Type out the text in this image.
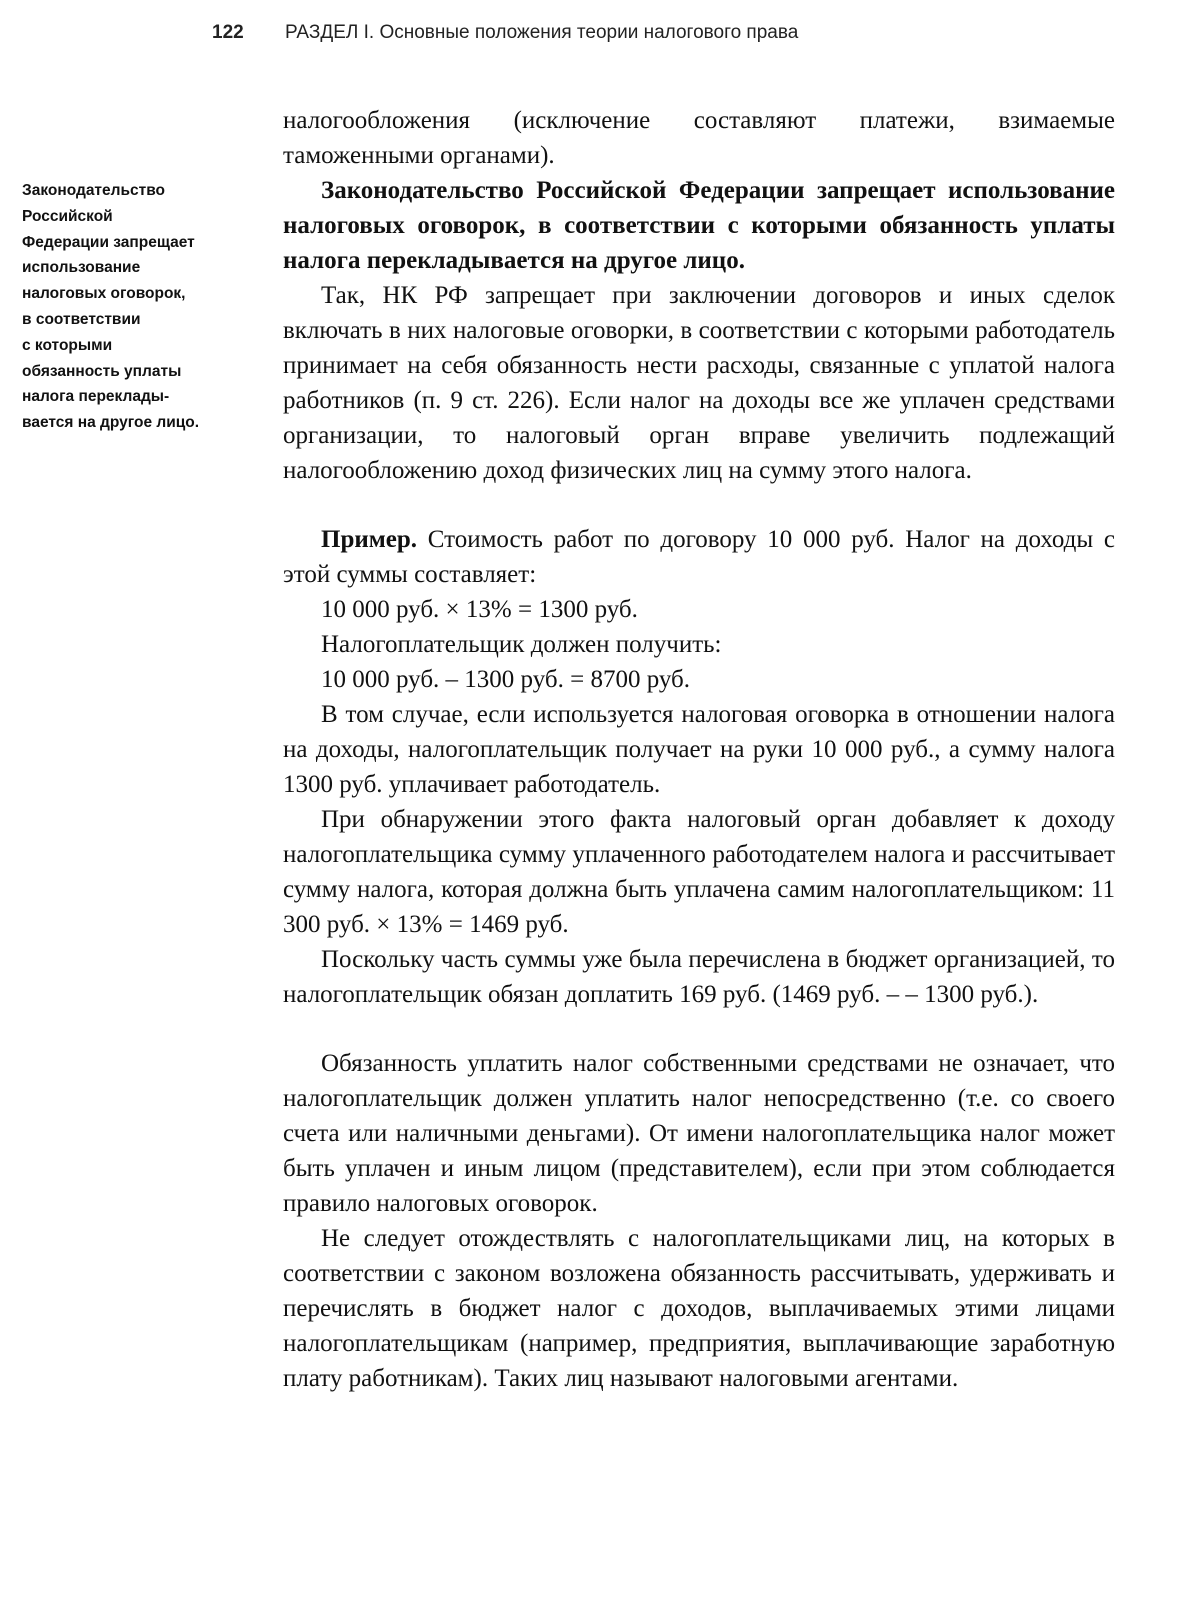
122 РАЗДЕЛ I. Основные положения теории налогового права
Законодательство
Российской
Федерации запрещает
использование
налоговых оговорок,
в соответствии
с которыми
обязанность уплаты
налога переклады-
вается на другое лицо.

налогообложения (исключение составляют платежи, взимаемые таможенными органами).

Законодательство Российской Федерации запрещает использование налоговых оговорок, в соответствии с которыми обязанность уплаты налога перекладывается на другое лицо.

Так, НК РФ запрещает при заключении договоров и иных сделок включать в них налоговые оговорки, в соответствии с которыми работодатель принимает на себя обязанность нести расходы, связанные с уплатой налога работников (п. 9 ст. 226). Если налог на доходы все же уплачен средствами организации, то налоговый орган вправе увеличить подлежащий налогообложению доход физических лиц на сумму этого налога.

Пример. Стоимость работ по договору 10 000 руб. Налог на доходы с этой суммы составляет:

10 000 руб. × 13% = 1300 руб.

Налогоплательщик должен получить:

10 000 руб. – 1300 руб. = 8700 руб.

В том случае, если используется налоговая оговорка в отношении налога на доходы, налогоплательщик получает на руки 10 000 руб., а сумму налога 1300 руб. уплачивает работодатель.

При обнаружении этого факта налоговый орган добавляет к доходу налогоплательщика сумму уплаченного работодателем налога и рассчитывает сумму налога, которая должна быть уплачена самим налогоплательщиком: 11 300 руб. × 13% = 1469 руб.

Поскольку часть суммы уже была перечислена в бюджет организацией, то налогоплательщик обязан доплатить 169 руб. (1469 руб. – – 1300 руб.).

Обязанность уплатить налог собственными средствами не означает, что налогоплательщик должен уплатить налог непосредственно (т.е. со своего счета или наличными деньгами). От имени налогоплательщика налог может быть уплачен и иным лицом (представителем), если при этом соблюдается правило налоговых оговорок.

Не следует отождествлять с налогоплательщиками лиц, на которых в соответствии с законом возложена обязанность рассчитывать, удерживать и перечислять в бюджет налог с доходов, выплачиваемых этими лицами налогоплательщикам (например, предприятия, выплачивающие заработную плату работникам). Таких лиц называют налоговыми агентами.
